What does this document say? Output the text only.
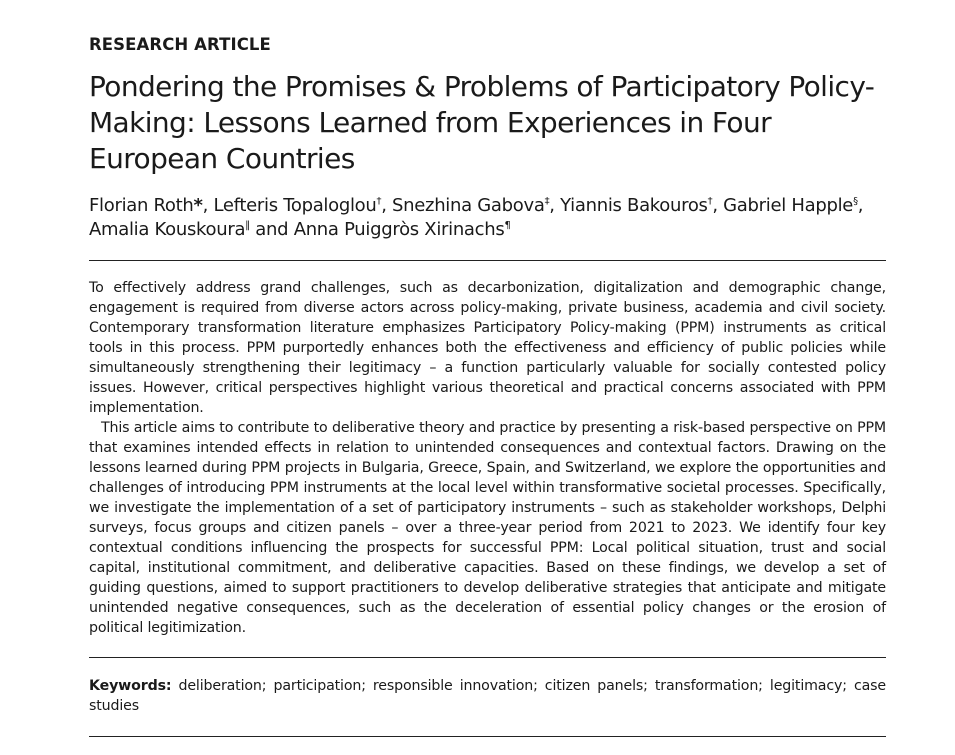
RESEARCH ARTICLE
Pondering the Promises & Problems of Participatory Policy-Making: Lessons Learned from Experiences in Four European Countries
Florian Roth*, Lefteris Topaloglou†, Snezhina Gabova‡, Yiannis Bakouros†, Gabriel Happle§, Amalia Kouskoura‖ and Anna Puiggròs Xirinachs¶

To effectively address grand challenges, such as decarbonization, digitalization and demographic change, engagement is required from diverse actors across policy-making, private business, academia and civil society. Contemporary transformation literature emphasizes Participatory Policy-making (PPM) instruments as critical tools in this process. PPM purportedly enhances both the effectiveness and efficiency of public policies while simultaneously strengthening their legitimacy – a function particularly valuable for socially contested policy issues. However, critical perspectives highlight various theoretical and practical concerns associated with PPM implementation.

This article aims to contribute to deliberative theory and practice by presenting a risk-based perspective on PPM that examines intended effects in relation to unintended consequences and contextual factors. Drawing on the lessons learned during PPM projects in Bulgaria, Greece, Spain, and Switzerland, we explore the opportunities and challenges of introducing PPM instruments at the local level within transformative societal processes. Specifically, we investigate the implementation of a set of participatory instruments – such as stakeholder workshops, Delphi surveys, focus groups and citizen panels – over a three-year period from 2021 to 2023. We identify four key contextual conditions influencing the prospects for successful PPM: Local political situation, trust and social capital, institutional commitment, and deliberative capacities. Based on these findings, we develop a set of guiding questions, aimed to support practitioners to develop deliberative strategies that anticipate and mitigate unintended negative consequences, such as the deceleration of essential policy changes or the erosion of political legitimization.

Keywords: deliberation; participation; responsible innovation; citizen panels; transformation; legitimacy; case studies
